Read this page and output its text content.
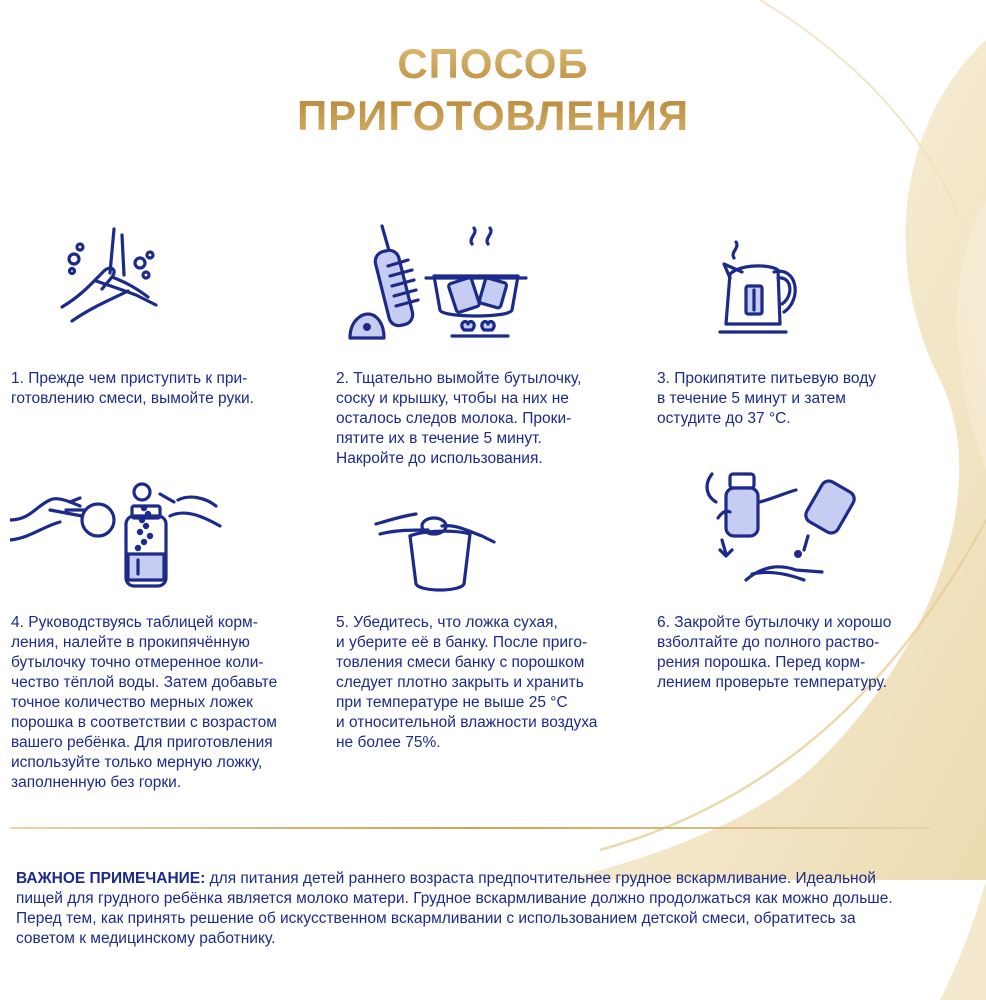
СПОСОБ
ПРИГОТОВЛЕНИЯ

1. Прежде чем приступить к при-
готовлению смеси, вымойте руки.

2. Тщательно вымойте бутылочку,
соску и крышку, чтобы на них не
осталось следов молока. Прoки-
пятите их в течение 5 минут.
Накройте до использования.

3. Прокипятите питьевую воду
в течение 5 минут и затем
остудите до 37 °C.

4. Руководствуясь таблицей корм-
ления, налейте в прокипячённую
бутылочку точно отмеренное коли-
чество тёплой воды. Затем добавьте
точное количество мерных ложек
порошка в соответствии с возрастом
вашего ребёнка. Для приготовления
используйте только мерную ложку,
заполненную без горки.

5. Убедитесь, что ложка сухая,
и уберите её в банку. После приго-
товления смеси банку с порошком
следует плотно закрыть и хранить
при температуре не выше 25 °C
и относительной влажности воздуха
не более 75%.

6. Закройте бутылочку и хорошо
взболтайте до полного раство-
рения порошка. Перед корм-
лением проверьте температуру.

ВАЖНОЕ ПРИМЕЧАНИЕ: для питания детей раннего возраста предпочтительнее грудное вскармливание. Идеальной пищей для грудного ребёнка является молоко матери. Грудное вскармливание должно продолжаться как можно дольше. Перед тем, как принять решение об искусственном вскармливании с использованием детской смеси, обратитесь за советом к медицинскому работнику.
